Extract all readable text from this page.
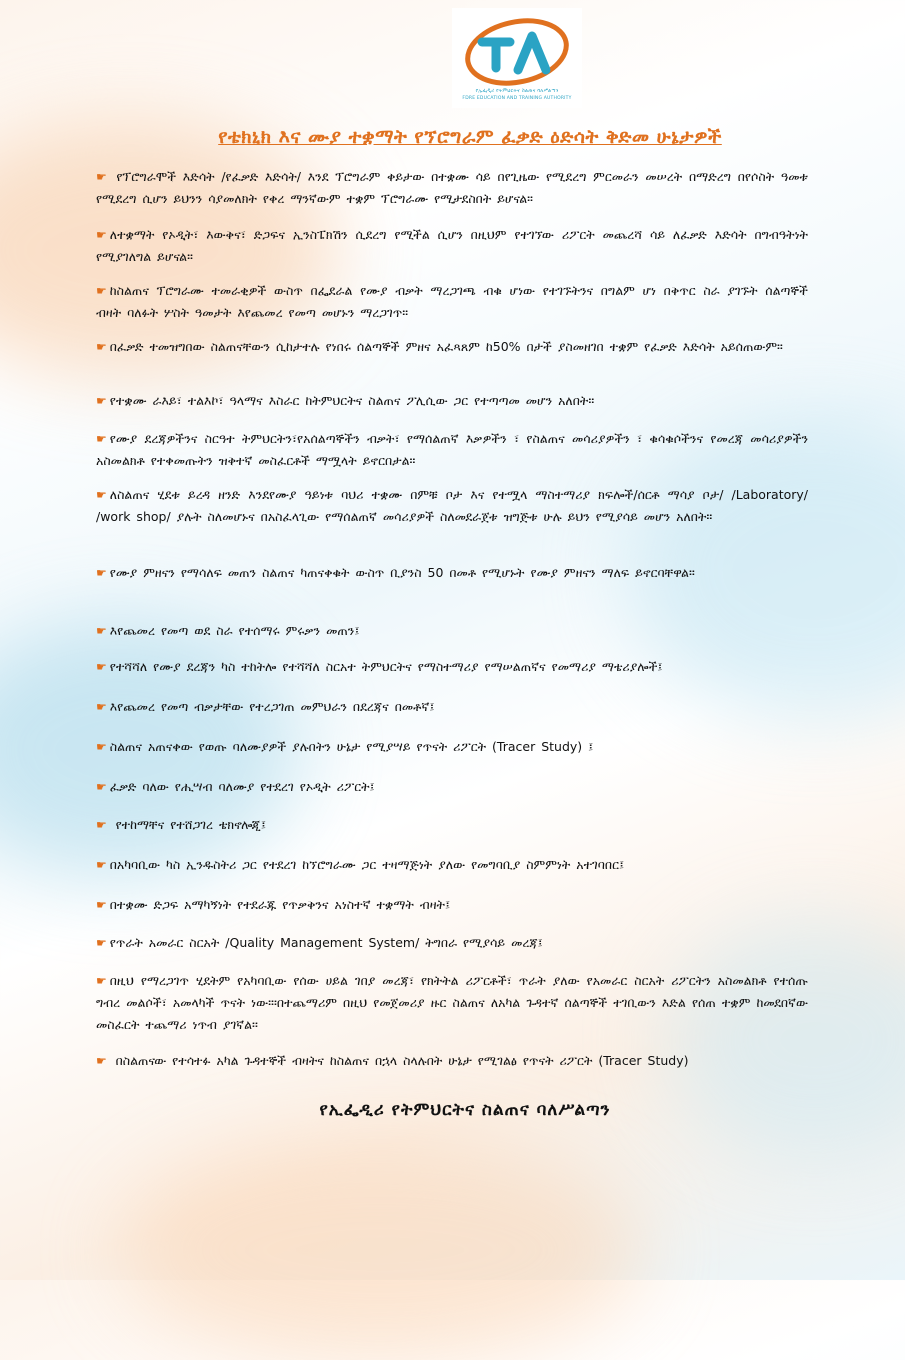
የኢፌዲሪ የትምህርትና ስልጠና ባለሥልጣን
FDRE EDUCATION AND TRAINING AUTHORITY
የቴክኒክ እና ሙያ ተቋማት የኘሮግራም ፈቃድ ዕድሳት ቅድመ ሁኔታዎች
☛ የፕሮግራሞች እድሳት /የፈቃድ እድሳት/ እንደ ፕሮግራም ቀይታው በተቋሙ ሳይ በየጊዜው የሚደረግ ምርመራን መሠረት በማድረግ በየሶስት ዓመቱ የሚደረግ ሲሆን ይህንን ሳያመለክት የቀረ ማንኛውም ተቋም ፕሮግራሙ የሚታደስበት ይሆናል።
☛ ለተቋማት የኦዲት፣ እውቅና፣ ድጋፍና ኢንስፔክሽን ሲደረግ የሚችል ሲሆን በዚህም የተገኘው ሪፖርት መጨረሻ ሳይ ለፈቃድ እድሳት በግብዓትነት የሚያገለግል ይሆናል።
☛ ከስልጠና ፕሮግራሙ ተመራቂዎች ውስጥ በፌደራል የሙያ ብቃት ማረጋገጫ ብቁ ሆነው የተገኙትንና በግልም ሆነ በቅጥር ስራ ያገኙት ሰልጣኞች ብዛት ባለፉት ሦስት ዓመታት እየጨመረ የመጣ መሆኑን ማረጋገጥ።
☛ በፈቃድ ተመዝግበው ስልጠናቸውን ሲከታተሉ የነበሩ ሰልጣኞች ምዘና አፈጻጸም ከ50% በታች ያስመዘገበ ተቋም የፈቃድ እድሳት አይሰጠውም።
☛ የተቋሙ ራእይ፣ ተልእኮ፣ ዓላማና እስራር ከትምህርትና ስልጠና ፖሊሲው ጋር የተጣጣመ መሆን አለበት።
☛ የሙያ ደረጃዎችንና ስርዓተ ትምህርትን፣የአሰልጣኞችን ብቃት፣ የማሰልጠኛ እቃዎችን ፣ የስልጠና መሳሪያዎችን ፣ ቁሳቁሶችንና የመረጃ መሳሪያዎችን አስመልክቶ የተቀመጡትን ዝቅተኛ መስፈርቶች ማሟላት ይኖርበታል።
☛ ለስልጠና ሂደቱ ይረዳ ዘንድ እንደየሙያ ዓይነቱ ባህሪ ተቋሙ በምቹ ቦታ እና የተሟላ ማስተማሪያ ክፍሎች/ሰርቶ ማሳያ ቦታ/ /Laboratory/ /work shop/ ያሉት ስለመሆኑና በአስፈላጊው የማሰልጠኛ መሳሪያዎች ስለመደራጀቱ ዝግጅቱ ሁሉ ይህን የሚያሳይ መሆን አለበት።
☛ የሙያ ምዘናን የማሳለፍ መጠን ስልጠና ካጠናቀቁት ውስጥ ቢያንስ 50 በመቶ የሚሆኑት የሙያ ምዘናን ማለፍ ይኖርባቸዋል።
☛ እየጨመረ የመጣ ወደ ስራ የተሰማሩ ምሩቃን መጠን፤
☛ የተሻሻለ የሙያ ደረጃን ካስ ተከትሎ የተሻሻለ ስርአተ ትምህርትና የማስተማሪያ የማሠልጠኛና የመማሪያ ማቴሪያሎች፤
☛ እየጨመረ የመጣ ብቃታቸው የተረጋገጠ መምህራን በደረጃና በመቶኛ፤
☛ ስልጠና አጠናቀው የወጡ ባለሙያዎች ያሉበትን ሁኔታ የሚያሣይ የጥናት ሪፖርት (Tracer Study) ፤
☛ ፈቃድ ባለው የሒሣብ ባለሙያ የተደረገ የኦዲት ሪፖርት፤
☛ የተከማቸና የተሸጋገረ ቴክኖሎጂ፤
☛ በአካባቢው ካስ ኢንዱስትሪ ጋር የተደረገ ከኘሮግራሙ ጋር ተዛማጅነት ያለው የመግባቢያ ስምምነት አተገባበር፤
☛ በተቋሙ ድጋፍ አማካኝነት የተደራጁ የጥቃቅንና አነስተኛ ተቋማት ብዛት፤
☛ የጥራት አመራር ስርአት /Quality Management System/ ትግበራ የሚያሳይ መረጃ፤
☛ በዚህ የማረጋገጥ ሂደትም የአካባቢው የሰው ሀይል ገበያ መረጃ፣ የክትትል ሪፖርቶች፣ ጥራት ያለው የአመራር ስርአት ሪፖርትን አስመልክቶ የተሰጡ ግብረ መልሶች፣ አመላካች ጥናት ነው።፡በተጨማሪም በዚህ የመጀመሪያ ዙር ስልጠና ለአካል ጉዳተኛ ሰልጣኞች ተገቢውን እድል የሰጠ ተቋም ከመደበኛው መስፈርት ተጨማሪ ነጥብ ያገኛል፡፡
☛ በስልጠናው የተሳተፉ አካል ጉዳተኞች ብዛትና ከስልጠና በኋላ ስላሉበት ሁኔታ የሚገልፅ የጥናት ሪፖርት (Tracer Study)
የኢፌዲሪ የትምህርትና ስልጠና ባለሥልጣን
